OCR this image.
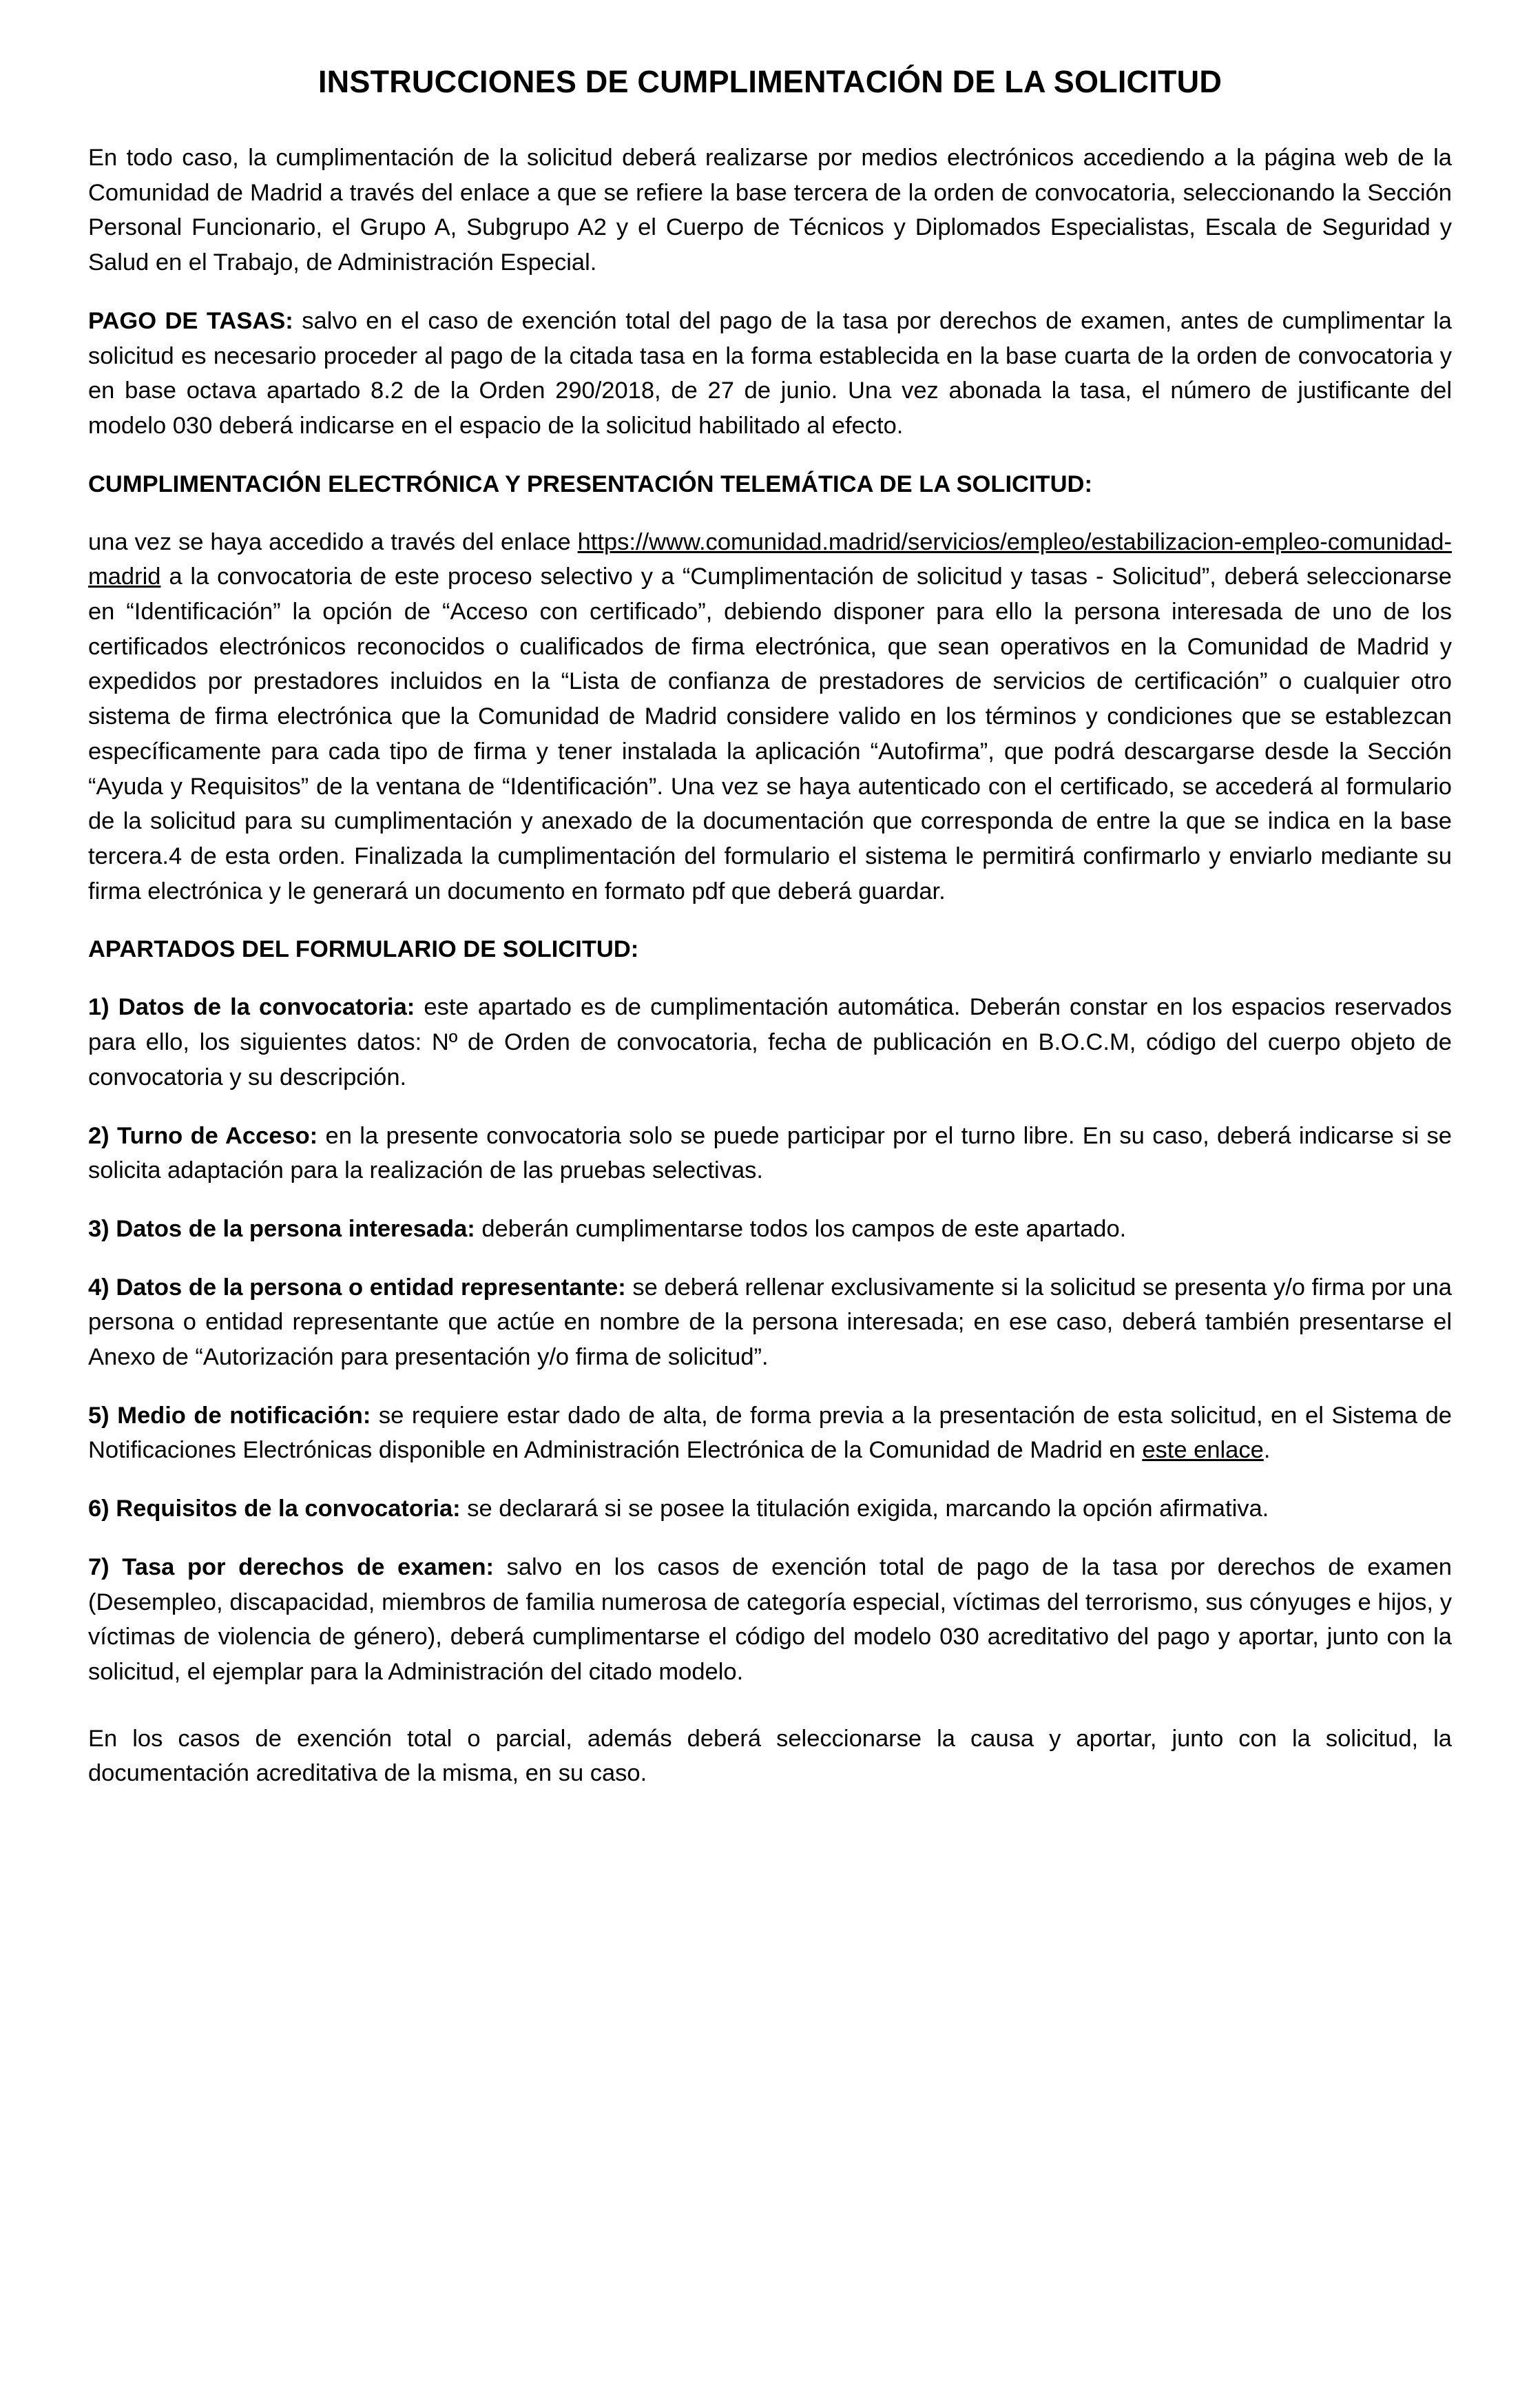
INSTRUCCIONES DE CUMPLIMENTACIÓN DE LA SOLICITUD

En todo caso, la cumplimentación de la solicitud deberá realizarse por medios electrónicos accediendo a la página web de la Comunidad de Madrid a través del enlace a que se refiere la base tercera de la orden de convocatoria, seleccionando la Sección Personal Funcionario, el Grupo A, Subgrupo A2 y el Cuerpo de Técnicos y Diplomados Especialistas, Escala de Seguridad y Salud en el Trabajo, de Administración Especial.

PAGO DE TASAS: salvo en el caso de exención total del pago de la tasa por derechos de examen, antes de cumplimentar la solicitud es necesario proceder al pago de la citada tasa en la forma establecida en la base cuarta de la orden de convocatoria y en base octava apartado 8.2 de la Orden 290/2018, de 27 de junio. Una vez abonada la tasa, el número de justificante del modelo 030 deberá indicarse en el espacio de la solicitud habilitado al efecto.

CUMPLIMENTACIÓN ELECTRÓNICA Y PRESENTACIÓN TELEMÁTICA DE LA SOLICITUD:

una vez se haya accedido a través del enlace https://www.comunidad.madrid/servicios/empleo/estabilizacion-empleo-comunidad-madrid a la convocatoria de este proceso selectivo y a “Cumplimentación de solicitud y tasas - Solicitud”, deberá seleccionarse en “Identificación” la opción de “Acceso con certificado”, debiendo disponer para ello la persona interesada de uno de los certificados electrónicos reconocidos o cualificados de firma electrónica, que sean operativos en la Comunidad de Madrid y expedidos por prestadores incluidos en la “Lista de confianza de prestadores de servicios de certificación” o cualquier otro sistema de firma electrónica que la Comunidad de Madrid considere valido en los términos y condiciones que se establezcan específicamente para cada tipo de firma y tener instalada la aplicación “Autofirma”, que podrá descargarse desde la Sección “Ayuda y Requisitos” de la ventana de “Identificación”. Una vez se haya autenticado con el certificado, se accederá al formulario de la solicitud para su cumplimentación y anexado de la documentación que corresponda de entre la que se indica en la base tercera.4 de esta orden. Finalizada la cumplimentación del formulario el sistema le permitirá confirmarlo y enviarlo mediante su firma electrónica y le generará un documento en formato pdf que deberá guardar.

APARTADOS DEL FORMULARIO DE SOLICITUD:

1) Datos de la convocatoria: este apartado es de cumplimentación automática. Deberán constar en los espacios reservados para ello, los siguientes datos: Nº de Orden de convocatoria, fecha de publicación en B.O.C.M, código del cuerpo objeto de convocatoria y su descripción.

2) Turno de Acceso: en la presente convocatoria solo se puede participar por el turno libre. En su caso, deberá indicarse si se solicita adaptación para la realización de las pruebas selectivas.

3) Datos de la persona interesada: deberán cumplimentarse todos los campos de este apartado.

4) Datos de la persona o entidad representante: se deberá rellenar exclusivamente si la solicitud se presenta y/o firma por una persona o entidad representante que actúe en nombre de la persona interesada; en ese caso, deberá también presentarse el Anexo de “Autorización para presentación y/o firma de solicitud”.

5) Medio de notificación: se requiere estar dado de alta, de forma previa a la presentación de esta solicitud, en el Sistema de Notificaciones Electrónicas disponible en Administración Electrónica de la Comunidad de Madrid en este enlace.

6) Requisitos de la convocatoria: se declarará si se posee la titulación exigida, marcando la opción afirmativa.

7) Tasa por derechos de examen: salvo en los casos de exención total de pago de la tasa por derechos de examen (Desempleo, discapacidad, miembros de familia numerosa de categoría especial, víctimas del terrorismo, sus cónyuges e hijos, y víctimas de violencia de género), deberá cumplimentarse el código del modelo 030 acreditativo del pago y aportar, junto con la solicitud, el ejemplar para la Administración del citado modelo.

En los casos de exención total o parcial, además deberá seleccionarse la causa y aportar, junto con la solicitud, la documentación acreditativa de la misma, en su caso.
